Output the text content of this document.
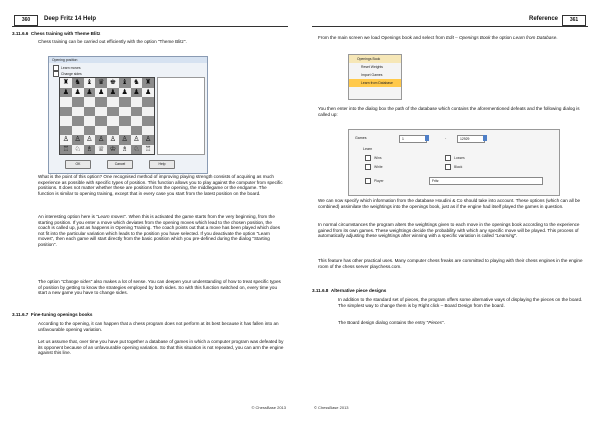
360	Deep Fritz 14 Help
3.11.6.6 Chess training with Theme Blitz
Chess training can be carried out efficiently with the option "Theme Blitz".
Opening position
Learn moves
Change sides
♜ ♞ ♝ ♛ ♚ ♝ ♞ ♜
♟ ♟ ♟ ♟ ♟ ♟ ♟ ♟
♙ ♙ ♙ ♙ ♙ ♙ ♙ ♙
♖ ♘ ♗ ♕ ♔ ♗ ♘ ♖
OK	Cancel	Help
What is the point of this option? One recognised method of improving playing strength consists of acquiring as much experience as possible with specific types of position. This function allows you to play against the computer from specific positions. It does not matter whether these are positions from the opening, the middlegame or the endgame. The function is similar to opening training, except that in every case you start from the latest position on the board.
An interesting option here is "Learn moves". When this is activated the game starts from the very beginning, from the starting position. If you enter a move which deviates from the opening moves which lead to the chosen position, the coach is called up, just as happens in Opening Training. The coach points out that a move has been played which does not fit into the particular variation which leads to the position you have selected. If you deactivate the option "Learn moves", then each game will start directly from the basic position which you pre-defined during the dialog "Starting position".
The option "Change sides" also makes a lot of sense. You can deepen your understanding of how to treat specific types of position by getting to know the strategies employed by both sides. So with this function switched on, every time you start a new game you have to change sides.
3.11.6.7 Fine-tuning openings books
According to the opening, it can happen that a chess program does not perform at its best because it has fallen into an unfavourable opening variation.
Let us assume that, over time you have put together a database of games in which a computer program was defeated by its opponent because of an unfavourable opening variation. So that this situation is not repeated, you can arm the engine against this line.
© ChessBase 2013
Reference	361
From the main screen we load Openings book and select from Edit – Openings Book the option Learn from Database.
Openings Book
Reset Weights
Import Games
Learn from Database
You then enter into the dialog box the path of the database which contains the aforementioned defeats and the following dialog is called up:
Games	1	-	12929
Learn
Wins	Losses
White	Black
Player	Fritz
We can now specify which information from the database Houdini & Co should take into account. These options (which can all be combined) assimilate the weightings into the openings book, just as if the engine had itself played the games in question.
In normal circumstances the program alters the weightings given to each move in the openings book according to the experience gained from its own games. These weightings decide the probability with which any specific move will be played. This process of automatically adjusting these weightings after winning with a specific variation is called "Learning".
This feature has other practical uses. Many computer chess freaks are committed to playing with their chess engines in the engine room of the chess server playchess.com.
3.11.6.8 Alternative piece designs
In addition to the standard set of pieces, the program offers some alternative ways of displaying the pieces on the board. The simplest way to change them is by Right click – Board Design from the board.
The Board design dialog contains the entry "Pieces".
© ChessBase 2013
